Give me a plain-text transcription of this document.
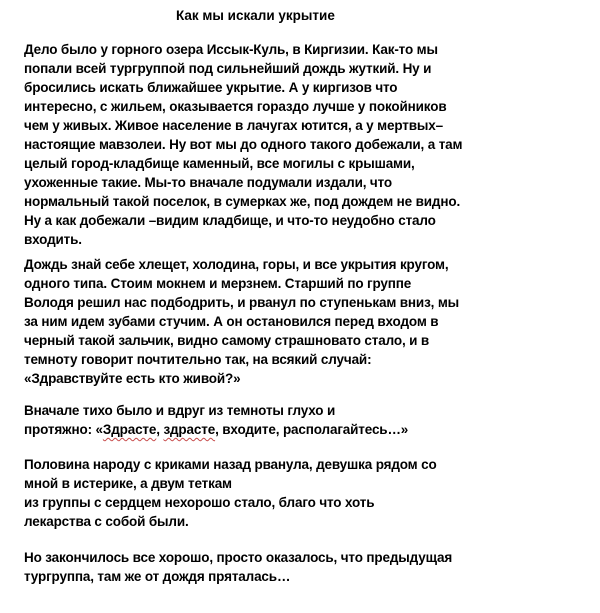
Как мы искали укрытие
Дело было у горного озера Иссык-Куль, в Киргизии. Как-то мы
попали всей тургруппой под сильнейший дождь жуткий. Ну и
бросились искать ближайшее укрытие. А у киргизов что
интересно, с жильем, оказывается гораздо лучше у покойников
чем у живых. Живое население в лачугах ютится, а у мертвых–
настоящие мавзолеи. Ну вот мы до одного такого добежали, а там
целый город-кладбище каменный, все могилы с крышами,
ухоженные такие. Мы-то вначале подумали издали, что
нормальный такой поселок, в сумерках же, под дождем не видно.
Ну а как добежали –видим кладбище, и что-то неудобно стало
входить.
Дождь знай себе хлещет, холодина, горы, и все укрытия кругом,
одного типа. Стоим мокнем и мерзнем. Старший по группе
Володя решил нас подбодрить, и рванул по ступенькам вниз, мы
за ним идем зубами стучим. А он остановился перед входом в
черный такой зальчик, видно самому страшновато стало, и в
темноту говорит почтительно так, на всякий случай:
«Здравствуйте есть кто живой?»
Вначале тихо было и вдруг из темноты глухо и
протяжно: «Здрасте, здрасте, входите, располагайтесь…»
Половина народу с криками назад рванула, девушка рядом со
мной в истерике, а двум теткам
из группы с сердцем нехорошо стало, благо что хоть
лекарства с собой были.
Но закончилось все хорошо, просто оказалось, что предыдущая
тургруппа, там же от дождя пряталась…
